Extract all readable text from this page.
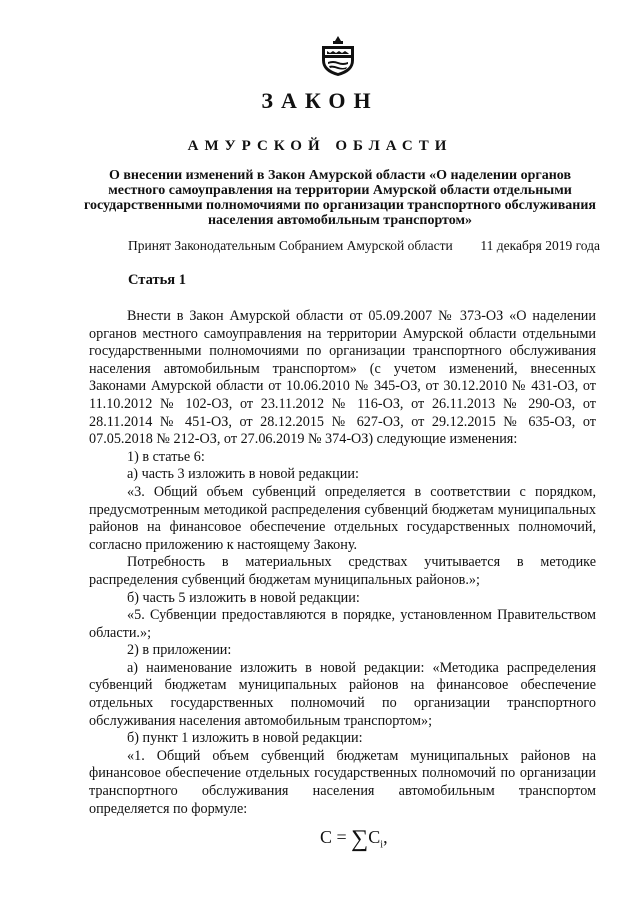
ЗАКОН
АМУРСКОЙ ОБЛАСТИ
О внесении изменений в Закон Амурской области «О наделении органов местного самоуправления на территории Амурской области отдельными государственными полномочиями по организации транспортного обслуживания населения автомобильным транспортом»
Принят Законодательным Собранием Амурской области 11 декабря 2019 года
Статья 1

Внести в Закон Амурской области от 05.09.2007 № 373-ОЗ «О наделении органов местного самоуправления на территории Амурской области отдельными государственными полномочиями по организации транспортного обслуживания населения автомобильным транспортом» (с учетом изменений, внесенных Законами Амурской области от 10.06.2010 № 345-ОЗ, от 30.12.2010 № 431-ОЗ, от 11.10.2012 № 102-ОЗ, от 23.11.2012 № 116-ОЗ, от 26.11.2013 № 290-ОЗ, от 28.11.2014 № 451-ОЗ, от 28.12.2015 № 627-ОЗ, от 29.12.2015 № 635-ОЗ, от 07.05.2018 № 212-ОЗ, от 27.06.2019 № 374-ОЗ) следующие изменения:

1) в статье 6:

а) часть 3 изложить в новой редакции:

«3. Общий объем субвенций определяется в соответствии с порядком, предусмотренным методикой распределения субвенций бюджетам муниципальных районов на финансовое обеспечение отдельных государственных полномочий, согласно приложению к настоящему Закону.

Потребность в материальных средствах учитывается в методике распределения субвенций бюджетам муниципальных районов.»;

б) часть 5 изложить в новой редакции:

«5. Субвенции предоставляются в порядке, установленном Правительством области.»;

2) в приложении:

а) наименование изложить в новой редакции: «Методика распределения субвенций бюджетам муниципальных районов на финансовое обеспечение отдельных государственных полномочий по организации транспортного обслуживания населения автомобильным транспортом»;

б) пункт 1 изложить в новой редакции:

«1. Общий объем субвенций бюджетам муниципальных районов на финансовое обеспечение отдельных государственных полномочий по организации транспортного обслуживания населения автомобильным транспортом определяется по формуле:

$C = \sum C_i$,
